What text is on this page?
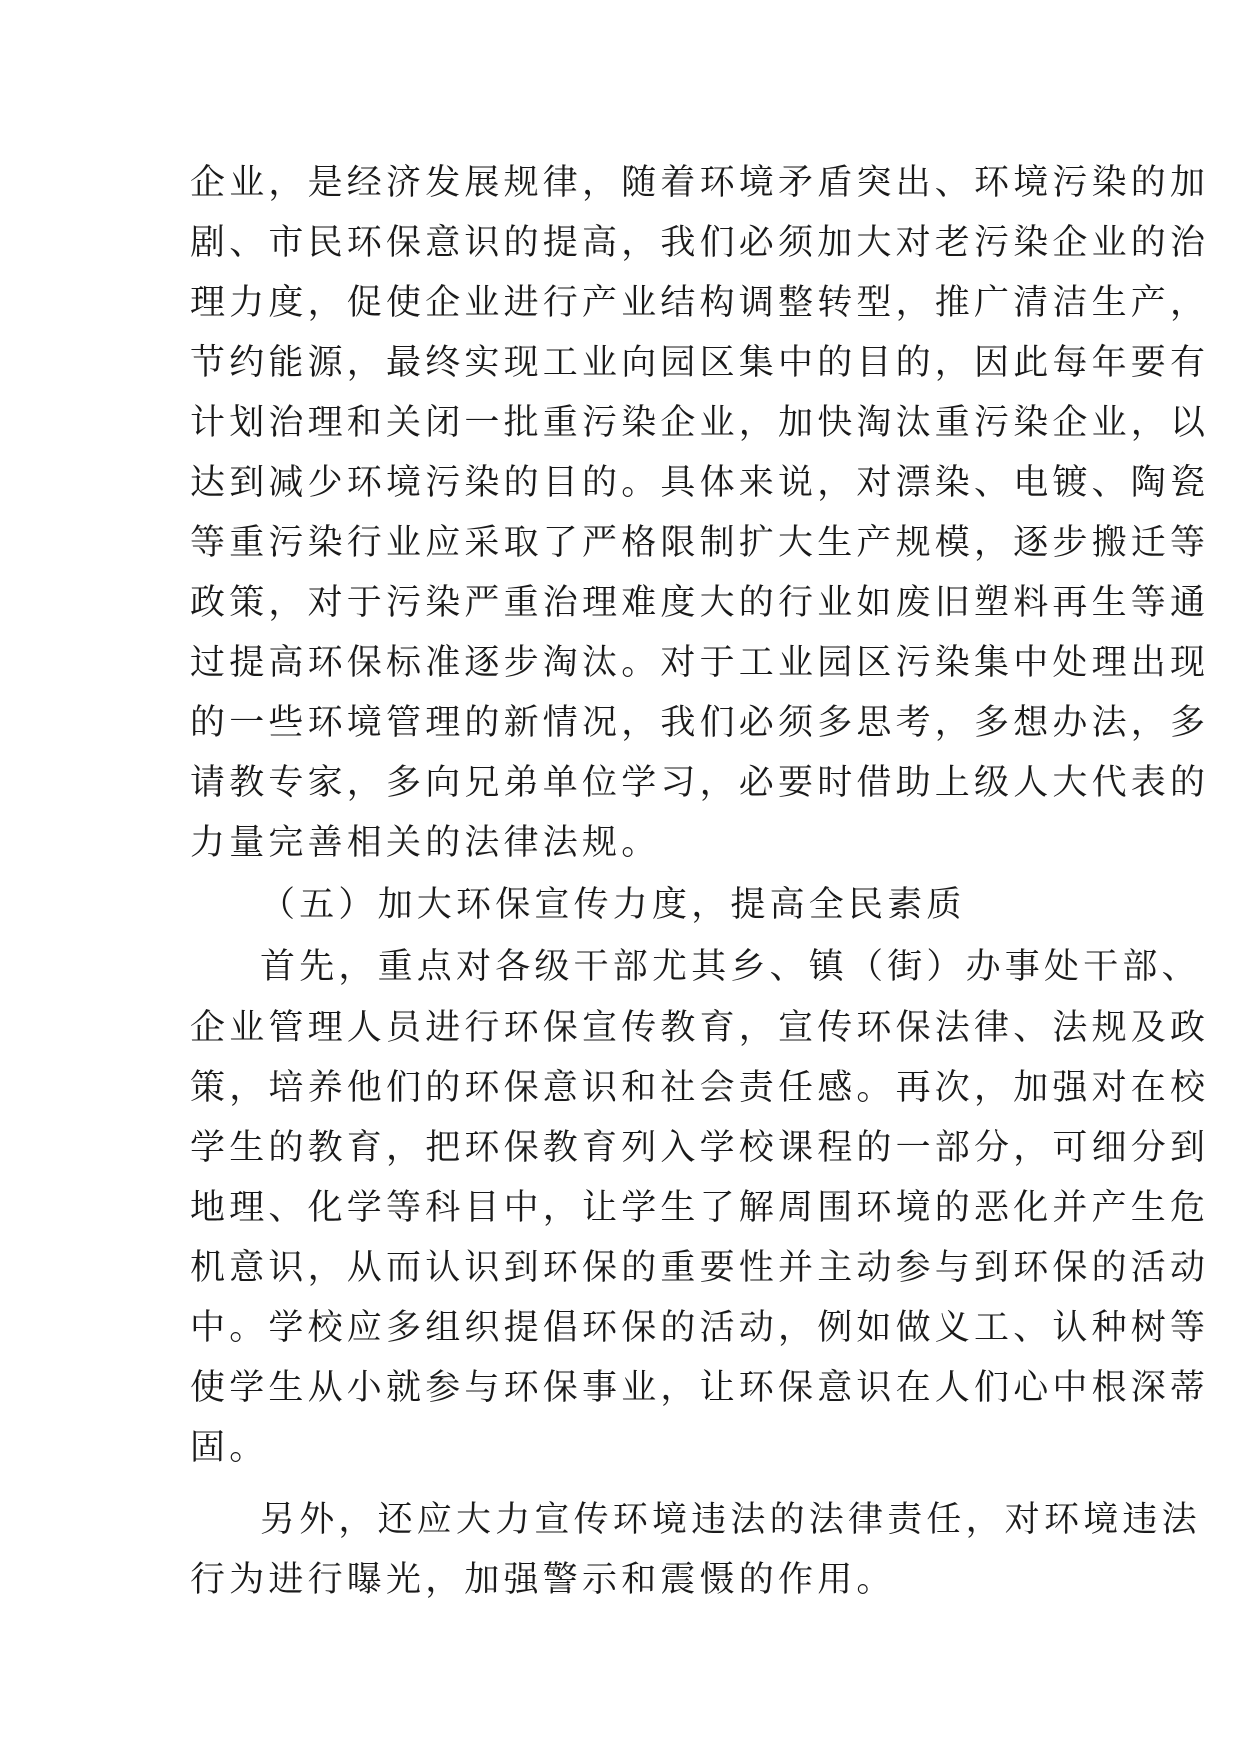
企业，是经济发展规律，随着环境矛盾突出、环境污染的加

剧、市民环保意识的提高，我们必须加大对老污染企业的治

理力度，促使企业进行产业结构调整转型，推广清洁生产，

节约能源，最终实现工业向园区集中的目的，因此每年要有

计划治理和关闭一批重污染企业，加快淘汰重污染企业，以

达到减少环境污染的目的。具体来说，对漂染、电镀、陶瓷

等重污染行业应采取了严格限制扩大生产规模，逐步搬迁等

政策，对于污染严重治理难度大的行业如废旧塑料再生等通

过提高环保标准逐步淘汰。对于工业园区污染集中处理出现

的一些环境管理的新情况，我们必须多思考，多想办法，多

请教专家，多向兄弟单位学习，必要时借助上级人大代表的

力量完善相关的法律法规。

（五）加大环保宣传力度，提高全民素质

首先，重点对各级干部尤其乡、镇（街）办事处干部、

企业管理人员进行环保宣传教育，宣传环保法律、法规及政

策，培养他们的环保意识和社会责任感。再次，加强对在校

学生的教育，把环保教育列入学校课程的一部分，可细分到

地理、化学等科目中，让学生了解周围环境的恶化并产生危

机意识，从而认识到环保的重要性并主动参与到环保的活动

中。学校应多组织提倡环保的活动，例如做义工、认种树等

使学生从小就参与环保事业，让环保意识在人们心中根深蒂

固。

另外，还应大力宣传环境违法的法律责任，对环境违法

行为进行曝光，加强警示和震慑的作用。
